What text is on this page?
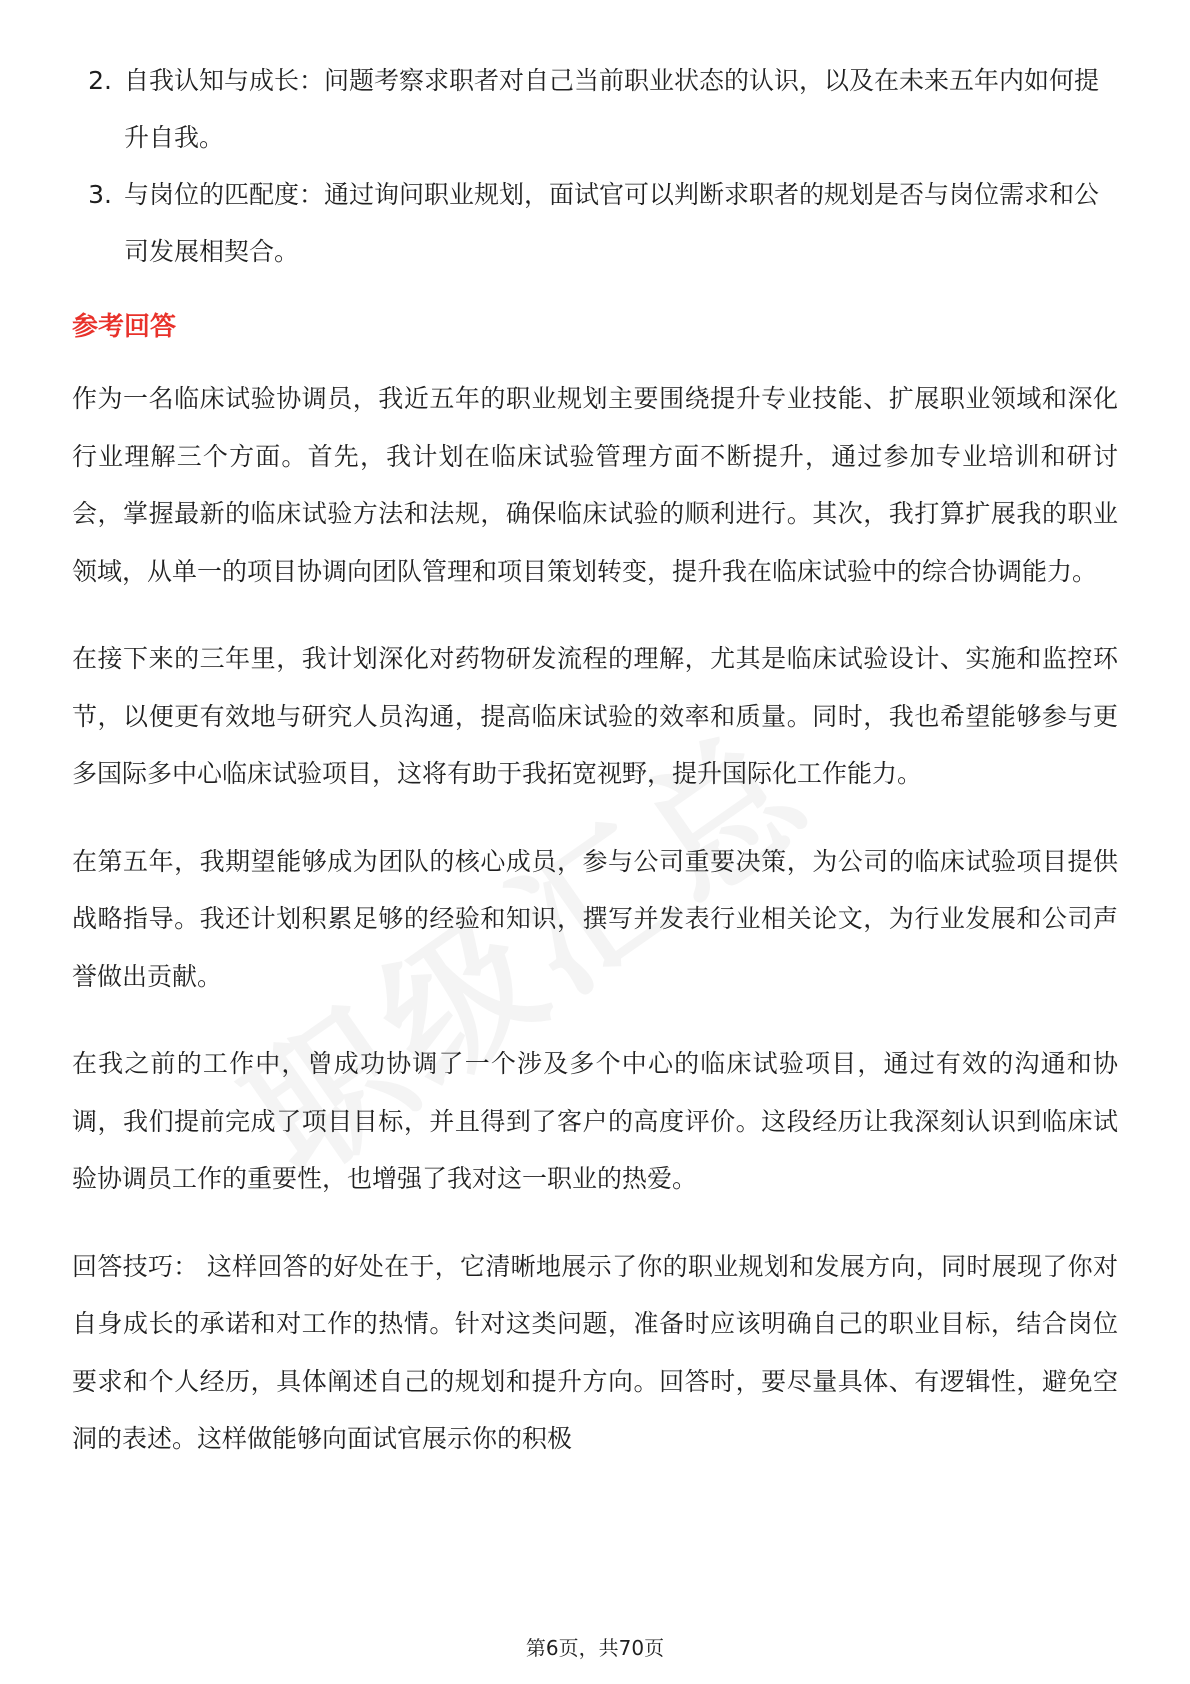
2. 自我认知与成长：问题考察求职者对自己当前职业状态的认识，以及在未来五年内如何提升自我。
3. 与岗位的匹配度：通过询问职业规划，面试官可以判断求职者的规划是否与岗位需求和公司发展相契合。
参考回答

作为一名临床试验协调员，我近五年的职业规划主要围绕提升专业技能、扩展职业领域和深化行业理解三个方面。首先，我计划在临床试验管理方面不断提升，通过参加专业培训和研讨会，掌握最新的临床试验方法和法规，确保临床试验的顺利进行。其次，我打算扩展我的职业领域，从单一的项目协调向团队管理和项目策划转变，提升我在临床试验中的综合协调能力。

在接下来的三年里，我计划深化对药物研发流程的理解，尤其是临床试验设计、实施和监控环节，以便更有效地与研究人员沟通，提高临床试验的效率和质量。同时，我也希望能够参与更多国际多中心临床试验项目，这将有助于我拓宽视野，提升国际化工作能力。

在第五年，我期望能够成为团队的核心成员，参与公司重要决策，为公司的临床试验项目提供战略指导。我还计划积累足够的经验和知识，撰写并发表行业相关论文，为行业发展和公司声誉做出贡献。

在我之前的工作中，曾成功协调了一个涉及多个中心的临床试验项目，通过有效的沟通和协调，我们提前完成了项目目标，并且得到了客户的高度评价。这段经历让我深刻认识到临床试验协调员工作的重要性，也增强了我对这一职业的热爱。

回答技巧： 这样回答的好处在于，它清晰地展示了你的职业规划和发展方向，同时展现了你对自身成长的承诺和对工作的热情。针对这类问题，准备时应该明确自己的职业目标，结合岗位要求和个人经历，具体阐述自己的规划和提升方向。回答时，要尽量具体、有逻辑性，避免空洞的表述。这样做能够向面试官展示你的积极

第6页，共70页
